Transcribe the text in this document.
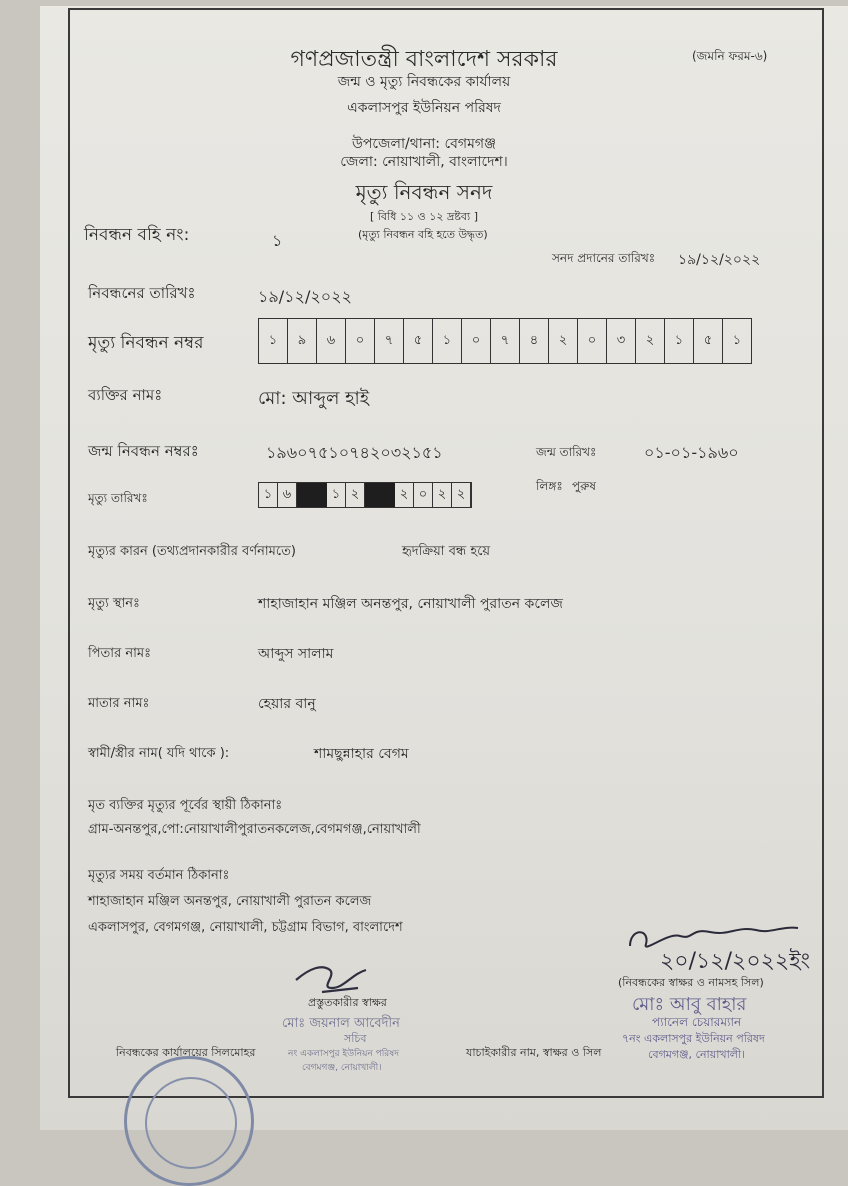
গণপ্রজাতন্ত্রী বাংলাদেশ সরকার	(জমনি ফরম-৬)
জন্ম ও মৃত্যু নিবন্ধকের কার্যালয়
একলাসপুর ইউনিয়ন পরিষদ
উপজেলা/থানা: বেগমগঞ্জ
জেলা: নোয়াখালী, বাংলাদেশ।
মৃত্যু নিবন্ধন সনদ
[ বিধি ১১ ও ১২ দ্রষ্টব্য ]
(মৃত্যু নিবন্ধন বহি হতে উদ্ধৃত)
নিবন্ধন বহি নং:	১
সনদ প্রদানের তারিখঃ ১৯/১২/২০২২
নিবন্ধনের তারিখঃ	১৯/১২/২০২২
মৃত্যু নিবন্ধন নম্বর	১	৯	৬	০	৭	৫	১	০	৭	৪	২	০	৩	২	১	৫	১
ব্যক্তির নামঃ	মো: আব্দুল হাই
জন্ম নিবন্ধন নম্বরঃ	১৯৬০৭৫১০৭৪২০৩২১৫১	জন্ম তারিখঃ	০১-০১-১৯৬০
মৃত্যু তারিখঃ	১ ৬	১ ২	২ ০ ২ ২
লিঙ্গঃ পুরুষ
মৃত্যুর কারন (তথ্যপ্রদানকারীর বর্ণনামতে)	হৃদক্রিয়া বন্ধ হয়ে
মৃত্যু স্থানঃ	শাহাজাহান মঞ্জিল অনন্তপুর, নোয়াখালী পুরাতন কলেজ
পিতার নামঃ	আব্দুস সালাম
মাতার নামঃ	হেয়ার বানু
স্বামী/স্ত্রীর নাম( যদি থাকে ):	শামছুন্নাহার বেগম
মৃত ব্যক্তির মৃত্যুর পূর্বের স্থায়ী ঠিকানাঃ
গ্রাম-অনন্তপুর,পো:নোয়াখালীপুরাতনকলেজ,বেগমগঞ্জ,নোয়াখালী
মৃত্যুর সময় বর্তমান ঠিকানাঃ
শাহাজাহান মঞ্জিল অনন্তপুর, নোয়াখালী পুরাতন কলেজ
একলাসপুর, বেগমগঞ্জ, নোয়াখালী, চট্টগ্রাম বিভাগ, বাংলাদেশ
প্রস্তুতকারীর স্বাক্ষর
মোঃ জয়নাল আবেদীন
সচিব
নং একলাসপুর ইউনিয়ন পরিষদ
বেগমগঞ্জ, নোয়াখালী।
নিবন্ধকের কার্যালয়ের সিলমোহর	যাচাইকারীর নাম, স্বাক্ষর ও সিল
২০/১২/২০২২ইং
(নিবন্ধকের স্বাক্ষর ও নামসহ সিল)
মোঃ আবু বাহার
প্যানেল চেয়ারম্যান
৭নং একলাসপুর ইউনিয়ন পরিষদ
বেগমগঞ্জ, নোয়াখালী।
